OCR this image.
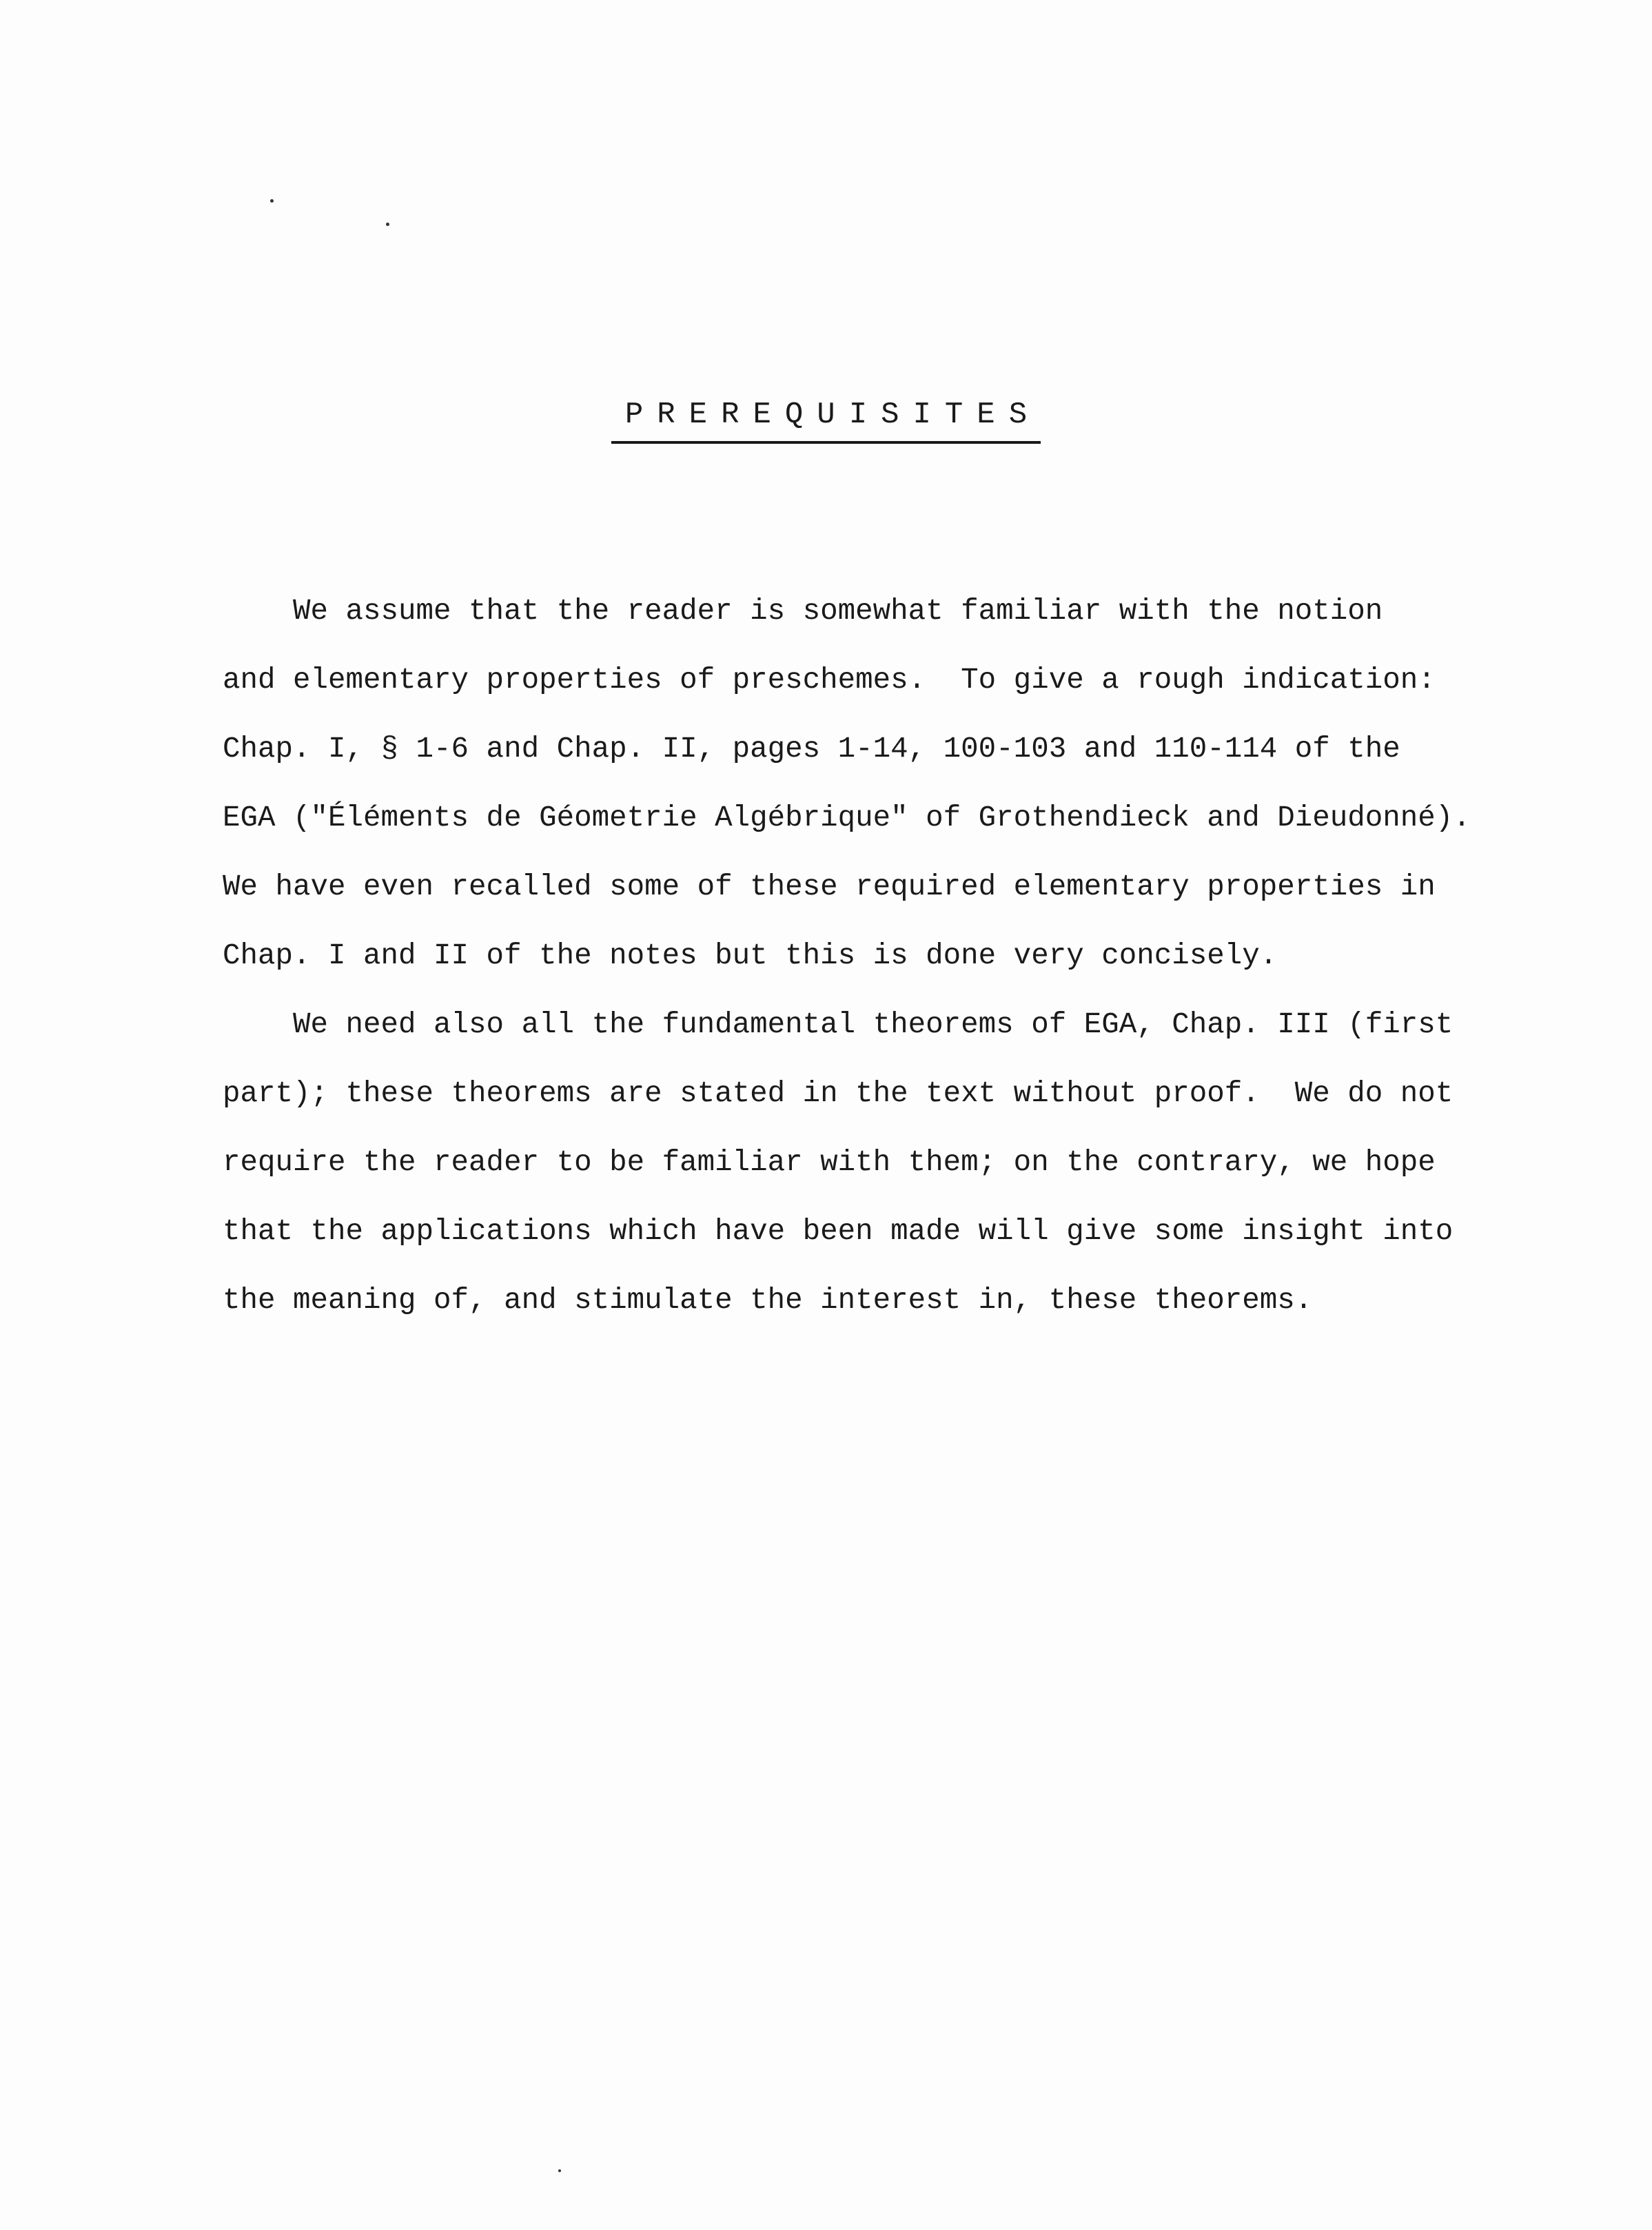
PREREQUISITES
We assume that the reader is somewhat familiar with the notion
and elementary properties of preschemes.  To give a rough indication:
Chap. I, § 1-6 and Chap. II, pages 1-14, 100-103 and 110-114 of the
EGA ("Éléments de Géometrie Algébrique" of Grothendieck and Dieudonné).
We have even recalled some of these required elementary properties in
Chap. I and II of the notes but this is done very concisely.
We need also all the fundamental theorems of EGA, Chap. III (first
part); these theorems are stated in the text without proof.  We do not
require the reader to be familiar with them; on the contrary, we hope
that the applications which have been made will give some insight into
the meaning of, and stimulate the interest in, these theorems.
